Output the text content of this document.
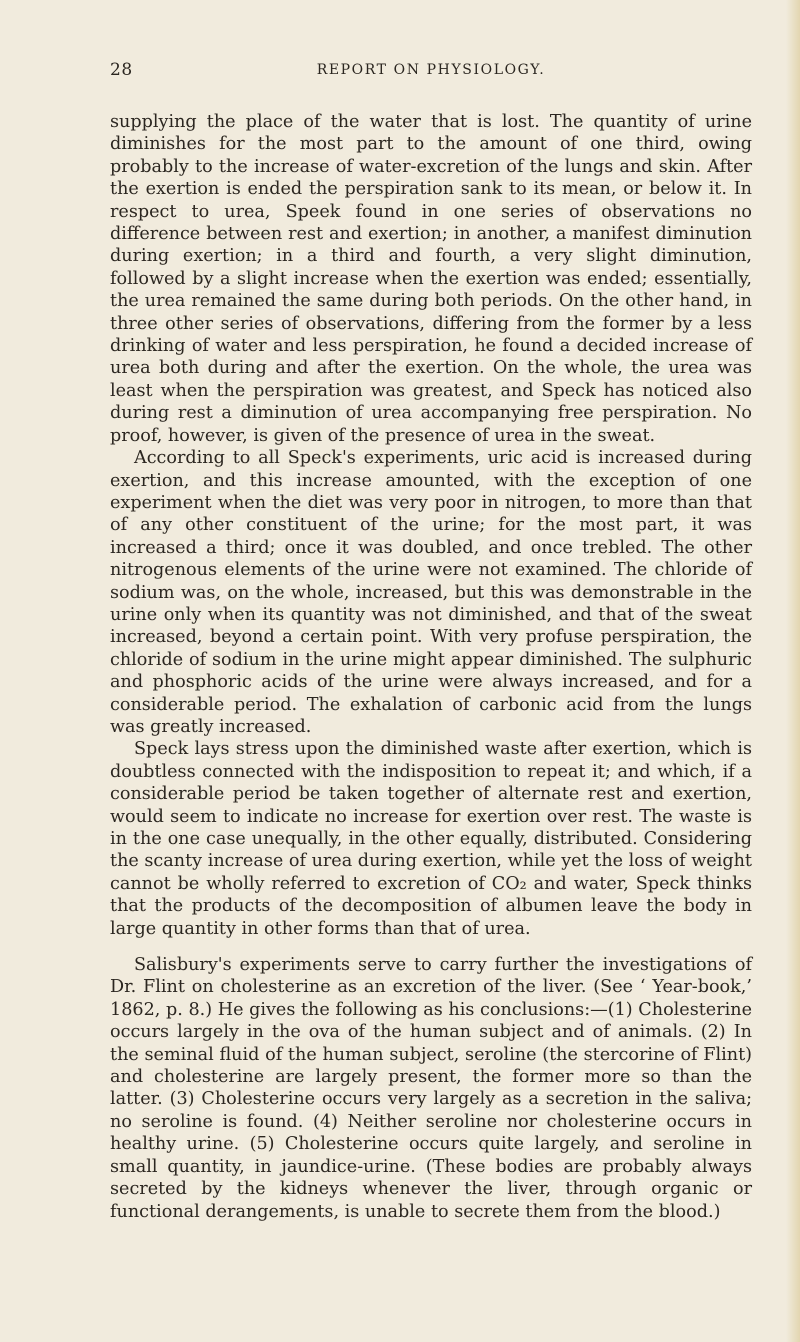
28	REPORT ON PHYSIOLOGY.

supplying the place of the water that is lost. The quantity of urine diminishes for the most part to the amount of one third, owing probably to the increase of water-excretion of the lungs and skin. After the exertion is ended the perspiration sank to its mean, or below it. In respect to urea, Speek found in one series of observations no difference between rest and exertion; in another, a manifest diminution during exertion; in a third and fourth, a very slight diminution, followed by a slight increase when the exertion was ended; essentially, the urea remained the same during both periods. On the other hand, in three other series of observations, differing from the former by a less drinking of water and less perspiration, he found a decided increase of urea both during and after the exertion. On the whole, the urea was least when the perspiration was greatest, and Speck has noticed also during rest a diminution of urea accompanying free perspiration. No proof, however, is given of the presence of urea in the sweat.

According to all Speck's experiments, uric acid is increased during exertion, and this increase amounted, with the exception of one experiment when the diet was very poor in nitrogen, to more than that of any other constituent of the urine; for the most part, it was increased a third; once it was doubled, and once trebled. The other nitrogenous elements of the urine were not examined. The chloride of sodium was, on the whole, increased, but this was demonstrable in the urine only when its quantity was not diminished, and that of the sweat increased, beyond a certain point. With very profuse perspiration, the chloride of sodium in the urine might appear diminished. The sulphuric and phosphoric acids of the urine were always increased, and for a considerable period. The exhalation of carbonic acid from the lungs was greatly increased.

Speck lays stress upon the diminished waste after exertion, which is doubtless connected with the indisposition to repeat it; and which, if a considerable period be taken together of alternate rest and exertion, would seem to indicate no increase for exertion over rest. The waste is in the one case unequally, in the other equally, distributed. Considering the scanty increase of urea during exertion, while yet the loss of weight cannot be wholly referred to excretion of CO₂ and water, Speck thinks that the products of the decomposition of albumen leave the body in large quantity in other forms than that of urea.

Salisbury's experiments serve to carry further the investigations of Dr. Flint on cholesterine as an excretion of the liver. (See ‘ Year-book,’ 1862, p. 8.) He gives the following as his conclusions:—(1) Cholesterine occurs largely in the ova of the human subject and of animals. (2) In the seminal fluid of the human subject, seroline (the stercorine of Flint) and cholesterine are largely present, the former more so than the latter. (3) Cholesterine occurs very largely as a secretion in the saliva; no seroline is found. (4) Neither seroline nor cholesterine occurs in healthy urine. (5) Cholesterine occurs quite largely, and seroline in small quantity, in jaundice-urine. (These bodies are probably always secreted by the kidneys whenever the liver, through organic or functional derangements, is unable to secrete them from the blood.)
